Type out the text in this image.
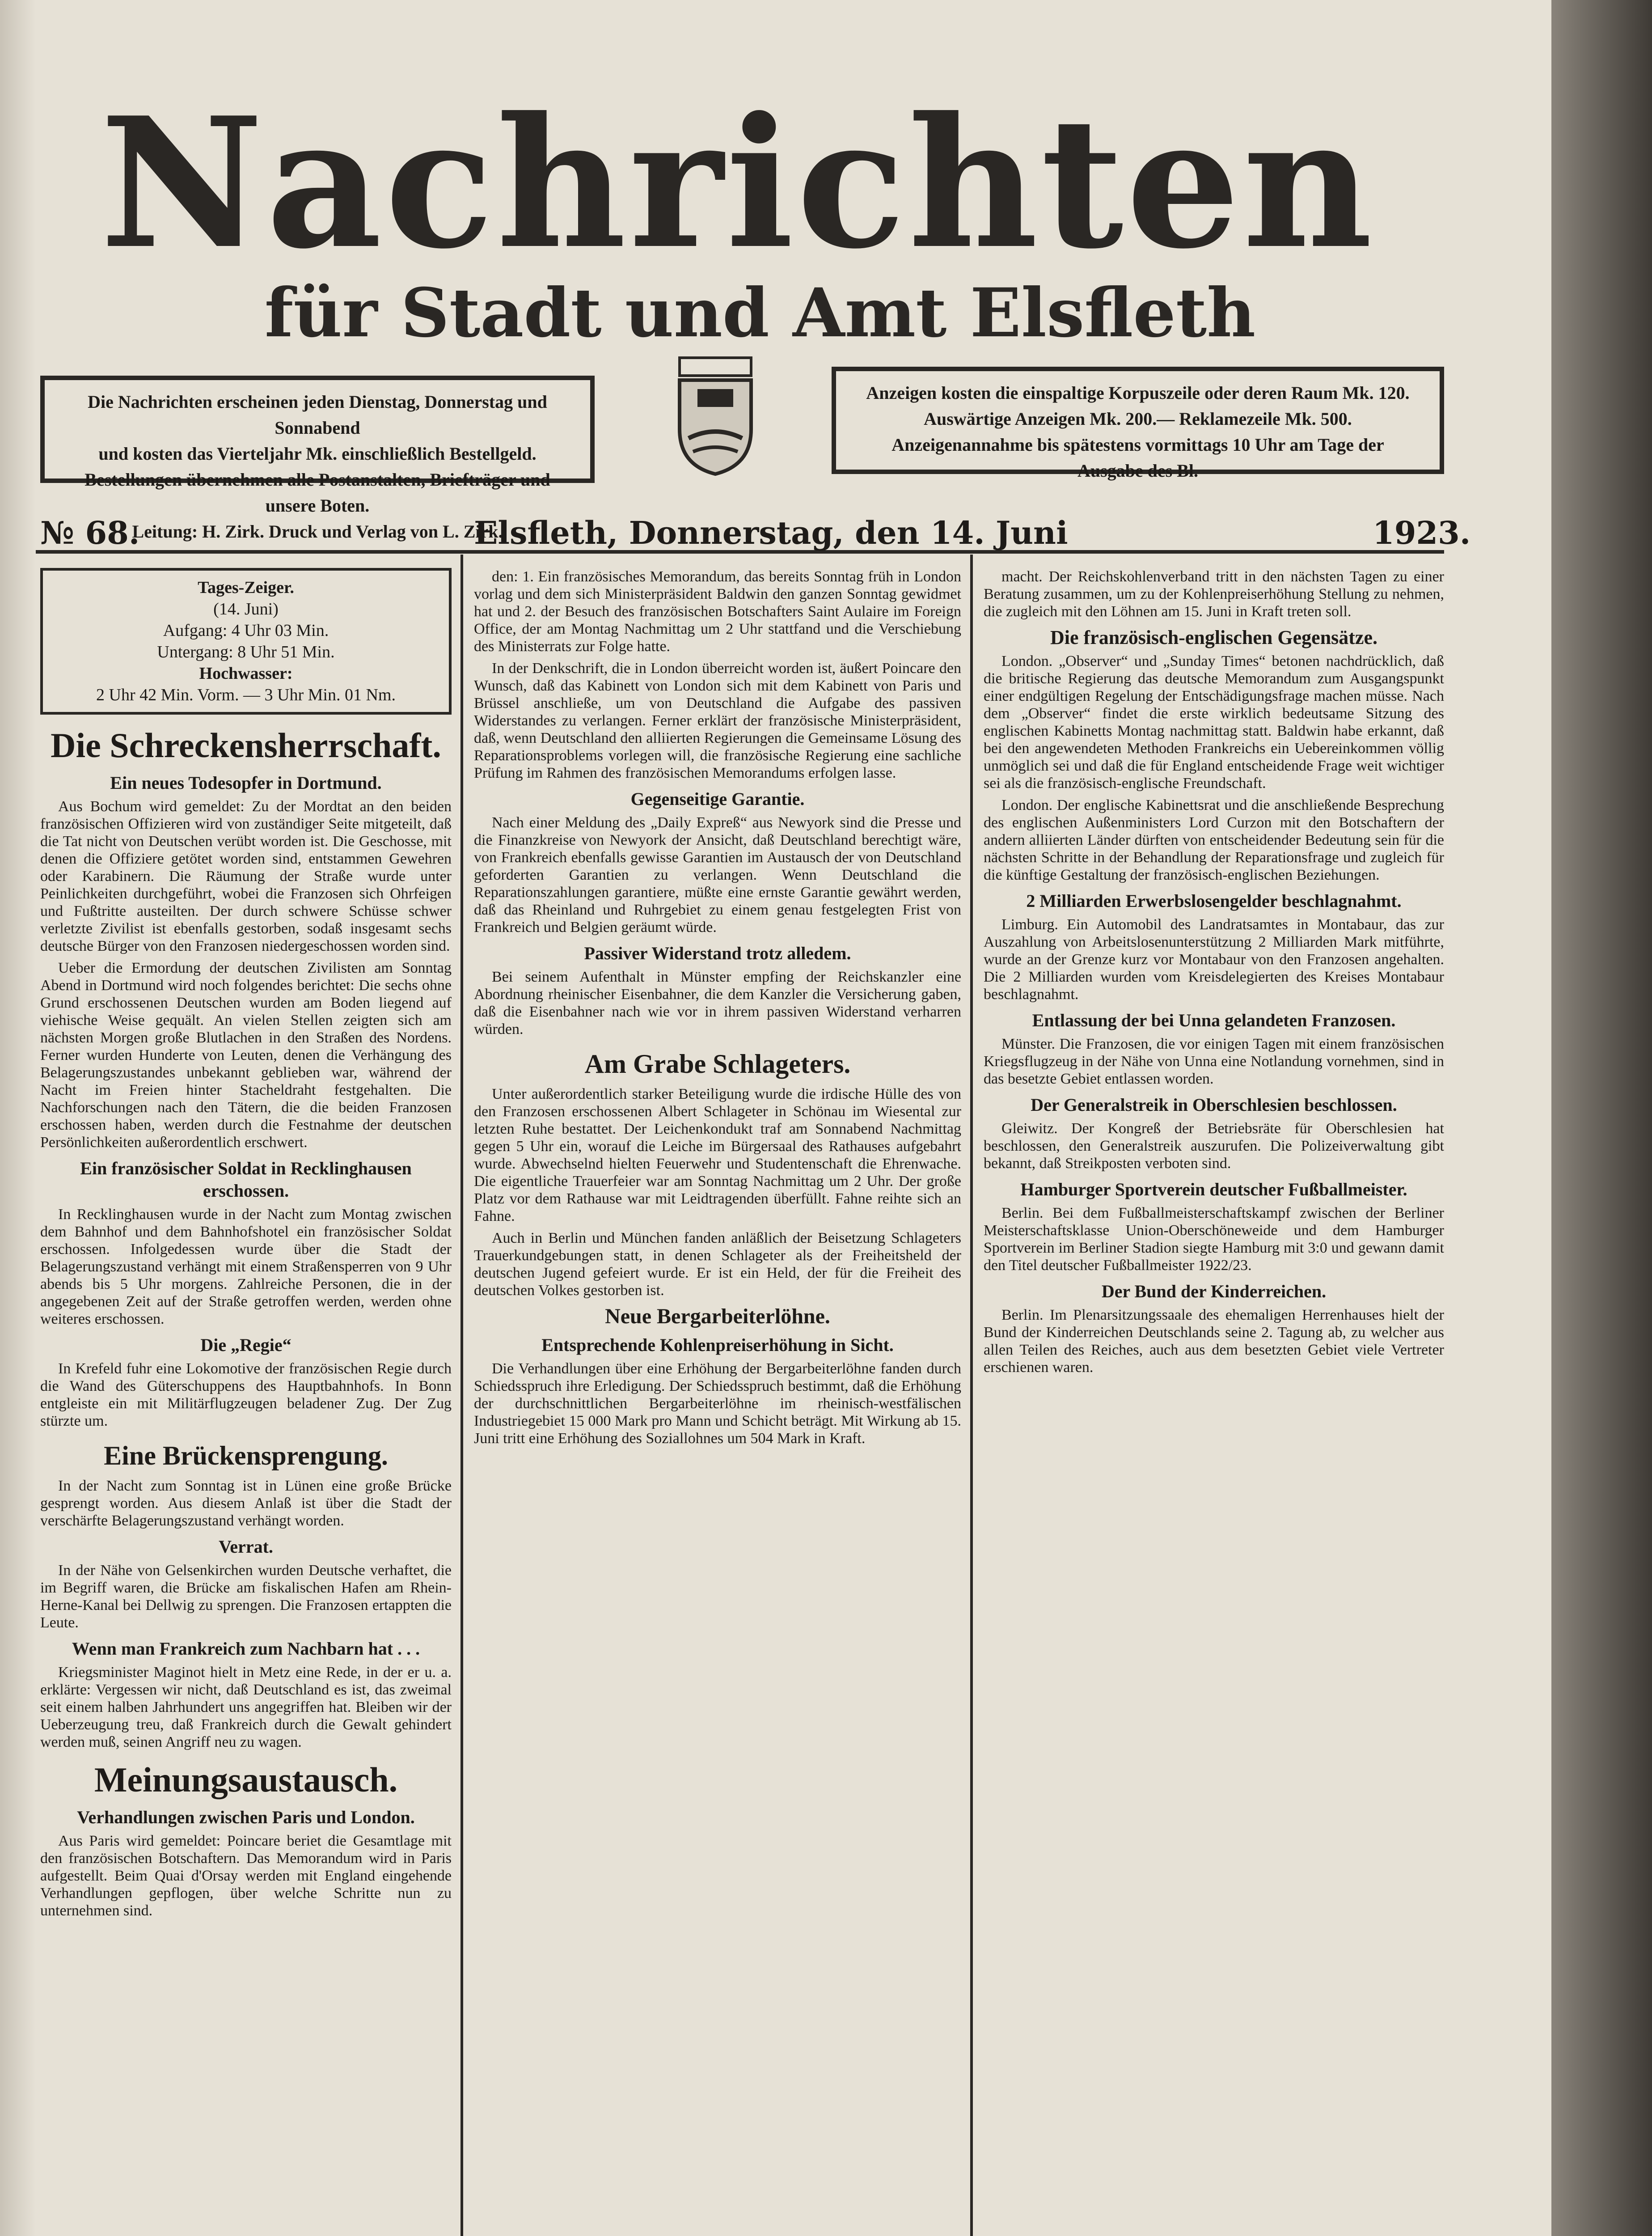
Nachrichten
für Stadt und Amt Elsfleth
Die Nachrichten erscheinen jeden Dienstag, Donnerstag und Sonnabend
und kosten das Vierteljahr Mk. einschließlich Bestellgeld.
Bestellungen übernehmen alle Postanstalten, Briefträger und unsere Boten.
Leitung: H. Zirk. Druck und Verlag von L. Zirk.
Anzeigen kosten die einspaltige Korpuszeile oder deren Raum Mk. 120.
Auswärtige Anzeigen Mk. 200.— Reklamezeile Mk. 500.
Anzeigenannahme bis spätestens vormittags 10 Uhr am Tage der
Ausgabe des Bl.
№ 68.	Elsfleth, Donnerstag, den 14. Juni	1923.
Tages-Zeiger.
(14. Juni)
Aufgang: 4 Uhr 03 Min.
Untergang: 8 Uhr 51 Min.
Hochwasser:
2 Uhr 42 Min. Vorm. — 3 Uhr Min. 01 Nm.
Die Schreckensherrschaft.
Ein neues Todesopfer in Dortmund.

Aus Bochum wird gemeldet: Zu der Mordtat an den beiden französischen Offizieren wird von zuständiger Seite mitgeteilt, daß die Tat nicht von Deutschen verübt worden ist. Die Geschosse, mit denen die Offiziere getötet worden sind, entstammen Gewehren oder Karabinern. Die Räumung der Straße wurde unter Peinlichkeiten durchgeführt, wobei die Franzosen sich Ohrfeigen und Fußtritte austeilten. Der durch schwere Schüsse schwer verletzte Zivilist ist ebenfalls gestorben, sodaß insgesamt sechs deutsche Bürger von den Franzosen niedergeschossen worden sind.

Ueber die Ermordung der deutschen Zivilisten am Sonntag Abend in Dortmund wird noch folgendes berichtet: Die sechs ohne Grund erschossenen Deutschen wurden am Boden liegend auf viehische Weise gequält. An vielen Stellen zeigten sich am nächsten Morgen große Blutlachen in den Straßen des Nordens. Ferner wurden Hunderte von Leuten, denen die Verhängung des Belagerungszustandes unbekannt geblieben war, während der Nacht im Freien hinter Stacheldraht festgehalten. Die Nachforschungen nach den Tätern, die die beiden Franzosen erschossen haben, werden durch die Festnahme der deutschen Persönlichkeiten außerordentlich erschwert.

Ein französischer Soldat in Recklinghausen erschossen.

In Recklinghausen wurde in der Nacht zum Montag zwischen dem Bahnhof und dem Bahnhofshotel ein französischer Soldat erschossen. Infolgedessen wurde über die Stadt der Belagerungszustand verhängt mit einem Straßensperren von 9 Uhr abends bis 5 Uhr morgens. Zahlreiche Personen, die in der angegebenen Zeit auf der Straße getroffen werden, werden ohne weiteres erschossen.

Die „Regie“

In Krefeld fuhr eine Lokomotive der französischen Regie durch die Wand des Güterschuppens des Hauptbahnhofs. In Bonn entgleiste ein mit Militärflugzeugen beladener Zug. Der Zug stürzte um.

Eine Brückensprengung.

In der Nacht zum Sonntag ist in Lünen eine große Brücke gesprengt worden. Aus diesem Anlaß ist über die Stadt der verschärfte Belagerungszustand verhängt worden.

Verrat.

In der Nähe von Gelsenkirchen wurden Deutsche verhaftet, die im Begriff waren, die Brücke am fiskalischen Hafen am Rhein-Herne-Kanal bei Dellwig zu sprengen. Die Franzosen ertappten die Leute.

Wenn man Frankreich zum Nachbarn hat . . .

Kriegsminister Maginot hielt in Metz eine Rede, in der er u. a. erklärte: Vergessen wir nicht, daß Deutschland es ist, das zweimal seit einem halben Jahrhundert uns angegriffen hat. Bleiben wir der Ueberzeugung treu, daß Frankreich durch die Gewalt gehindert werden muß, seinen Angriff neu zu wagen.

Meinungsaustausch.
Verhandlungen zwischen Paris und London.

Aus Paris wird gemeldet: Poincare beriet die Gesamtlage mit den französischen Botschaftern. Das Memorandum wird in Paris aufgestellt. Beim Quai d'Orsay werden mit England eingehende Verhandlungen gepflogen, über welche Schritte nun zu unternehmen sind.

den: 1. Ein französisches Memorandum, das bereits Sonntag früh in London vorlag und dem sich Ministerpräsident Baldwin den ganzen Sonntag gewidmet hat und 2. der Besuch des französischen Botschafters Saint Aulaire im Foreign Office, der am Montag Nachmittag um 2 Uhr stattfand und die Verschiebung des Ministerrats zur Folge hatte.

In der Denkschrift, die in London überreicht worden ist, äußert Poincare den Wunsch, daß das Kabinett von London sich mit dem Kabinett von Paris und Brüssel anschließe, um von Deutschland die Aufgabe des passiven Widerstandes zu verlangen. Ferner erklärt der französische Ministerpräsident, daß, wenn Deutschland den alliierten Regierungen die Gemeinsame Lösung des Reparationsproblems vorlegen will, die französische Regierung eine sachliche Prüfung im Rahmen des französischen Memorandums erfolgen lasse.

Gegenseitige Garantie.

Nach einer Meldung des „Daily Expreß“ aus Newyork sind die Presse und die Finanzkreise von Newyork der Ansicht, daß Deutschland berechtigt wäre, von Frankreich ebenfalls gewisse Garantien im Austausch der von Deutschland geforderten Garantien zu verlangen. Wenn Deutschland die Reparationszahlungen garantiere, müßte eine ernste Garantie gewährt werden, daß das Rheinland und Ruhrgebiet zu einem genau festgelegten Frist von Frankreich und Belgien geräumt würde.

Passiver Widerstand trotz alledem.

Bei seinem Aufenthalt in Münster empfing der Reichskanzler eine Abordnung rheinischer Eisenbahner, die dem Kanzler die Versicherung gaben, daß die Eisenbahner nach wie vor in ihrem passiven Widerstand verharren würden.

Am Grabe Schlageters.

Unter außerordentlich starker Beteiligung wurde die irdische Hülle des von den Franzosen erschossenen Albert Schlageter in Schönau im Wiesental zur letzten Ruhe bestattet. Der Leichenkondukt traf am Sonnabend Nachmittag gegen 5 Uhr ein, worauf die Leiche im Bürgersaal des Rathauses aufgebahrt wurde. Abwechselnd hielten Feuerwehr und Studentenschaft die Ehrenwache. Die eigentliche Trauerfeier war am Sonntag Nachmittag um 2 Uhr. Der große Platz vor dem Rathause war mit Leidtragenden überfüllt. Fahne reihte sich an Fahne.

Auch in Berlin und München fanden anläßlich der Beisetzung Schlageters Trauerkundgebungen statt, in denen Schlageter als der Freiheitsheld der deutschen Jugend gefeiert wurde. Er ist ein Held, der für die Freiheit des deutschen Volkes gestorben ist.

Neue Bergarbeiterlöhne.
Entsprechende Kohlenpreiserhöhung in Sicht.

Die Verhandlungen über eine Erhöhung der Bergarbeiterlöhne fanden durch Schiedsspruch ihre Erledigung. Der Schiedsspruch bestimmt, daß die Erhöhung der durchschnittlichen Bergarbeiterlöhne im rheinisch-westfälischen Industriegebiet 15 000 Mark pro Mann und Schicht beträgt. Mit Wirkung ab 15. Juni tritt eine Erhöhung des Soziallohnes um 504 Mark in Kraft.

macht. Der Reichskohlenverband tritt in den nächsten Tagen zu einer Beratung zusammen, um zu der Kohlenpreiserhöhung Stellung zu nehmen, die zugleich mit den Löhnen am 15. Juni in Kraft treten soll.

Die französisch-englischen Gegensätze.

London. „Observer“ und „Sunday Times“ betonen nachdrücklich, daß die britische Regierung das deutsche Memorandum zum Ausgangspunkt einer endgültigen Regelung der Entschädigungsfrage machen müsse. Nach dem „Observer“ findet die erste wirklich bedeutsame Sitzung des englischen Kabinetts Montag nachmittag statt. Baldwin habe erkannt, daß bei den angewendeten Methoden Frankreichs ein Uebereinkommen völlig unmöglich sei und daß die für England entscheidende Frage weit wichtiger sei als die französisch-englische Freundschaft.

London. Der englische Kabinettsrat und die anschließende Besprechung des englischen Außenministers Lord Curzon mit den Botschaftern der andern alliierten Länder dürften von entscheidender Bedeutung sein für die nächsten Schritte in der Behandlung der Reparationsfrage und zugleich für die künftige Gestaltung der französisch-englischen Beziehungen.

2 Milliarden Erwerbslosengelder beschlagnahmt.

Limburg. Ein Automobil des Landratsamtes in Montabaur, das zur Auszahlung von Arbeitslosenunterstützung 2 Milliarden Mark mitführte, wurde an der Grenze kurz vor Montabaur von den Franzosen angehalten. Die 2 Milliarden wurden vom Kreisdelegierten des Kreises Montabaur beschlagnahmt.

Entlassung der bei Unna gelandeten Franzosen.

Münster. Die Franzosen, die vor einigen Tagen mit einem französischen Kriegsflugzeug in der Nähe von Unna eine Notlandung vornehmen, sind in das besetzte Gebiet entlassen worden.

Der Generalstreik in Oberschlesien beschlossen.

Gleiwitz. Der Kongreß der Betriebsräte für Oberschlesien hat beschlossen, den Generalstreik auszurufen. Die Polizeiverwaltung gibt bekannt, daß Streikposten verboten sind.

Hamburger Sportverein deutscher Fußballmeister.

Berlin. Bei dem Fußballmeisterschaftskampf zwischen der Berliner Meisterschaftsklasse Union-Oberschöneweide und dem Hamburger Sportverein im Berliner Stadion siegte Hamburg mit 3:0 und gewann damit den Titel deutscher Fußballmeister 1922/23.

Der Bund der Kinderreichen.

Berlin. Im Plenarsitzungssaale des ehemaligen Herrenhauses hielt der Bund der Kinderreichen Deutschlands seine 2. Tagung ab, zu welcher aus allen Teilen des Reiches, auch aus dem besetzten Gebiet viele Vertreter erschienen waren.
